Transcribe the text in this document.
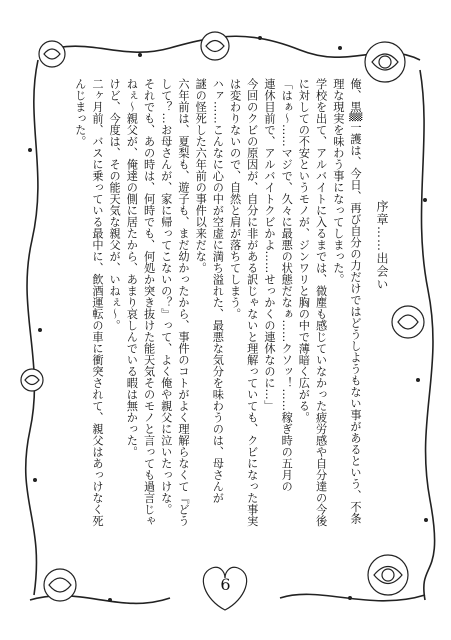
俺、黒▒一護は、今日、再び自分の力だけではどうしようもない事があるという、不条

理な現実を味わう事になってしまった。

学校を出て、アルバイトに入るまでは、微塵も感じていなかった疲労感や自分達の今後

に対しての不安というモノが、ジンワリと胸の中で薄暗く広がる。

「はぁ～……マジで、久々に最悪の状態だなぁ……クソッ！……稼ぎ時の五月の

連休目前で、アルバイトクビかよ……せっかくの連休なのに…」

今回のクビの原因が、自分に非がある訳じゃないと理解っていても、クビになった事実

は変わりないので、自然と肩が落ちてしまう。

ハァ……こんなに心の中が空虚に満ち溢れた、最悪な気分を味わうのは、母さんが

謎の怪死した六年前の事件以来だな。

六年前は、夏梨も、遊子も、まだ幼かったから、事件のコトがよく理解らなくて『どう

して？…お母さんが、家に帰ってこないの？』って、よく俺や親父に泣いたっけな。

それでも、あの時は、何時でも、何処か突き抜けた能天気そのモノと言っても過言じゃ

ねぇ～親父が、俺達の側に居たから、あまり哀しんでいる暇は無かった。

けど、今度は、その能天気な親父が、いねぇ～。

二ヶ月前、バスに乗っている最中に、飲酒運転の車に衝突されて、親父はあっけなく死

んじまった。

序章……出会い
6
